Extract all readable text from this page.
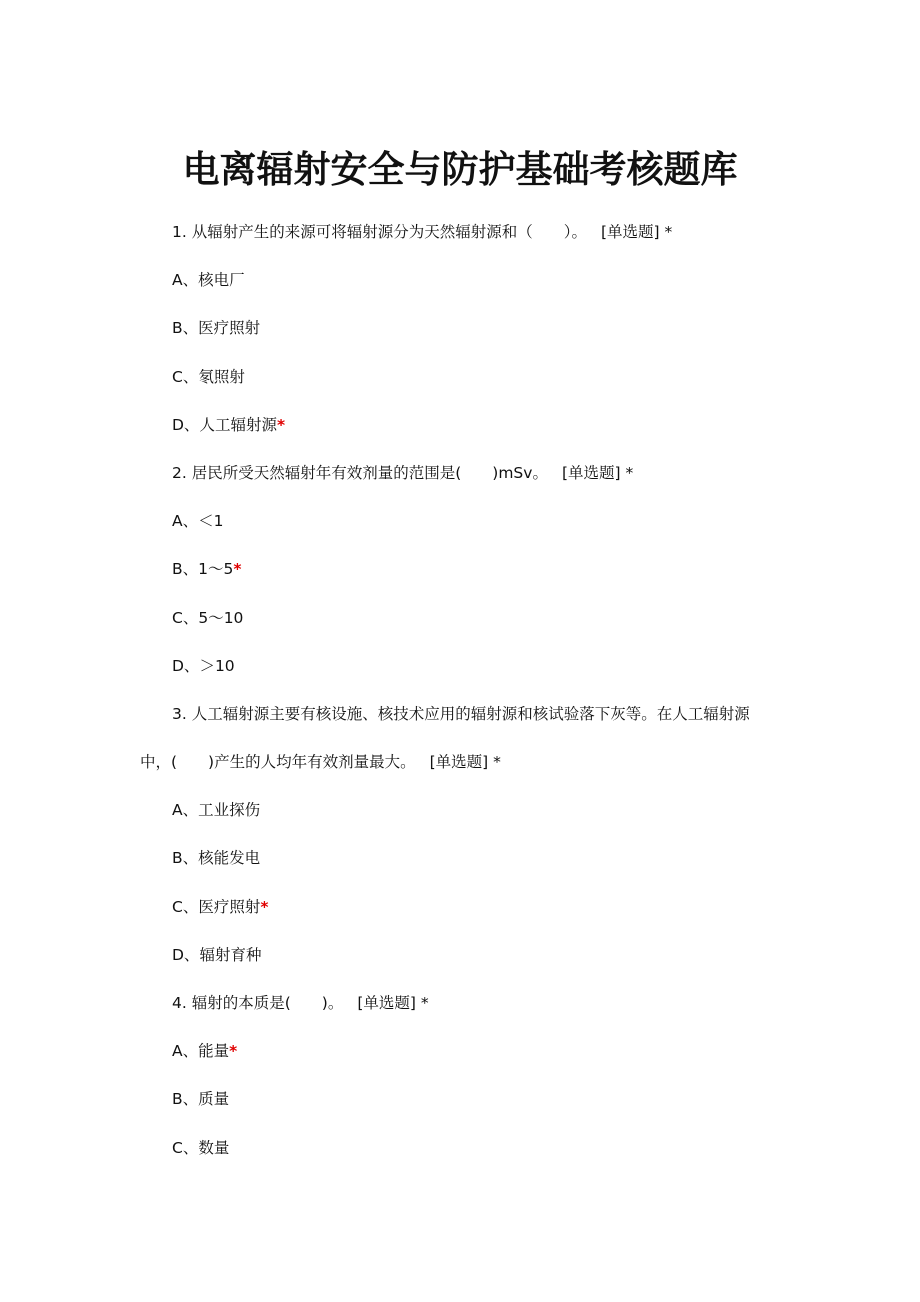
电离辐射安全与防护基础考核题库
1. 从辐射产生的来源可将辐射源分为天然辐射源和（　　）。 [单选题] *
A、核电厂
B、医疗照射
C、氡照射
D、人工辐射源*
2. 居民所受天然辐射年有效剂量的范围是(　　)mSv。 [单选题] *
A、＜1
B、1～5*
C、5～10
D、＞10
3. 人工辐射源主要有核设施、核技术应用的辐射源和核试验落下灰等。在人工辐射源
中，(　　)产生的人均年有效剂量最大。 [单选题] *
A、工业探伤
B、核能发电
C、医疗照射*
D、辐射育种
4. 辐射的本质是(　　)。 [单选题] *
A、能量*
B、质量
C、数量
